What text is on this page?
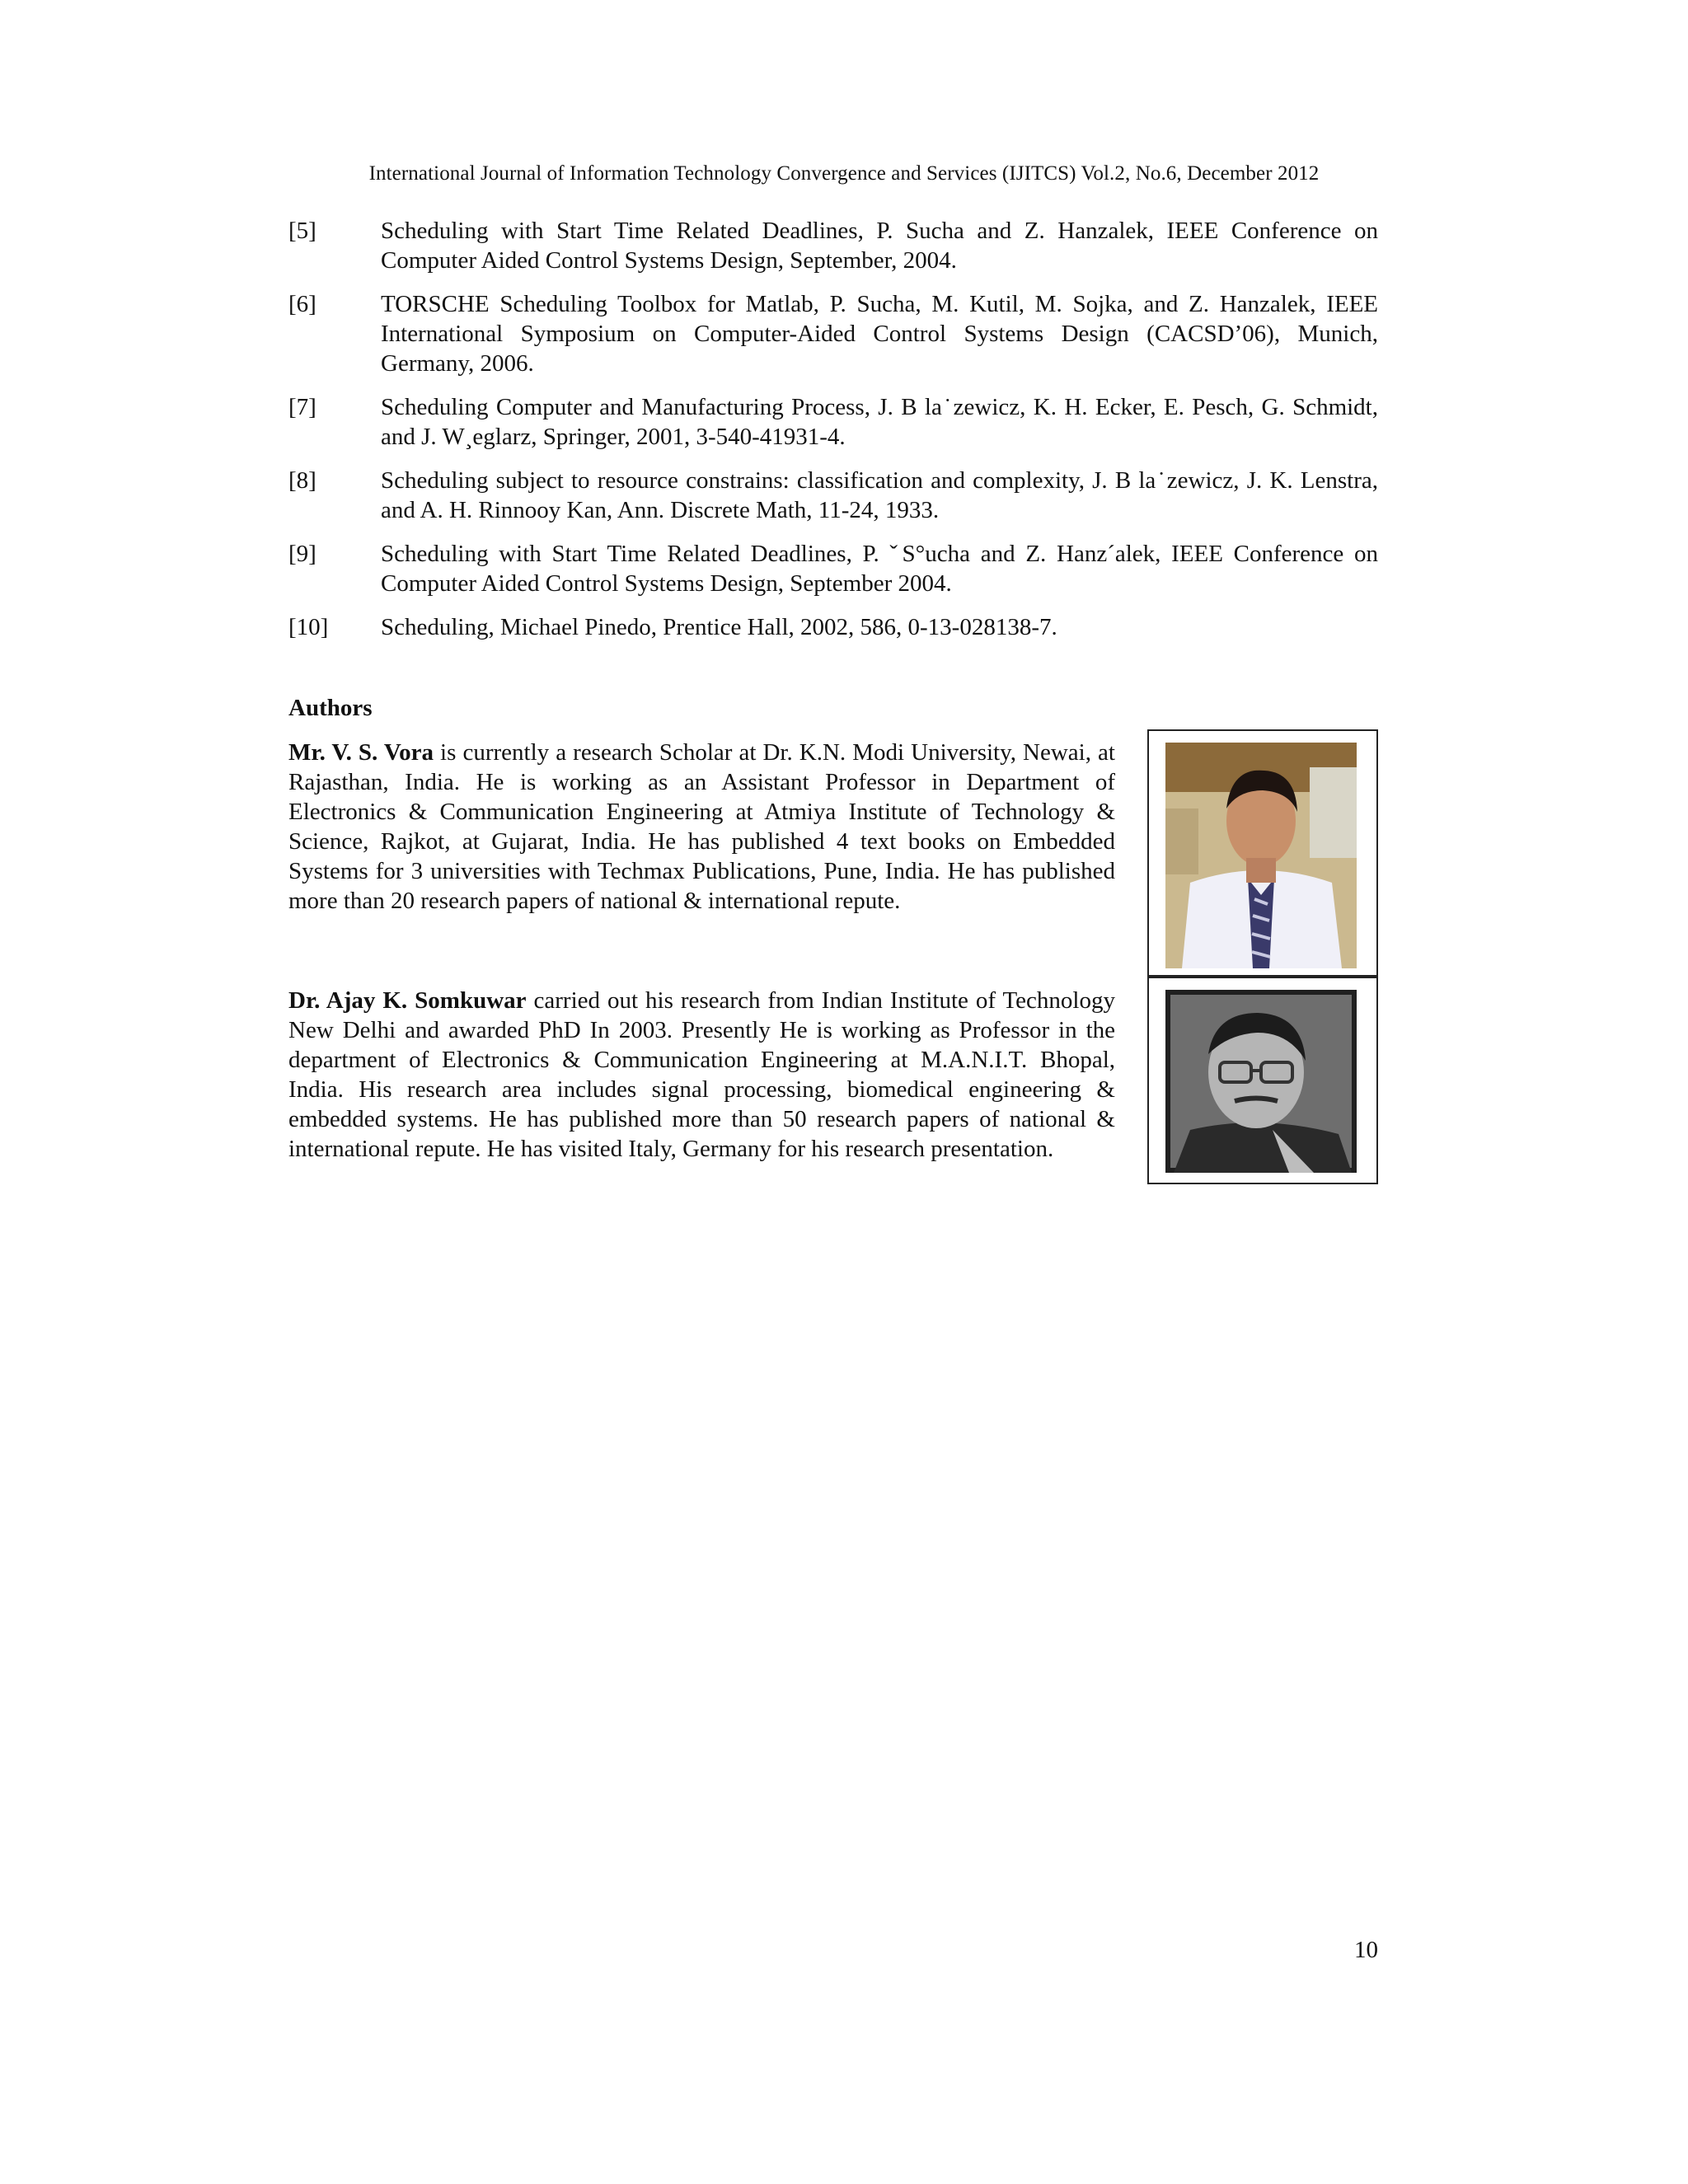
International Journal of Information Technology Convergence and Services (IJITCS) Vol.2, No.6, December 2012
[5]	Scheduling with Start Time Related Deadlines, P. Sucha and Z. Hanzalek, IEEE Conference on Computer Aided Control Systems Design, September, 2004.
[6]	TORSCHE Scheduling Toolbox for Matlab, P. Sucha, M. Kutil, M. Sojka, and Z. Hanzalek, IEEE International Symposium on Computer-Aided Control Systems Design (CACSD’06), Munich, Germany, 2006.
[7]	Scheduling Computer and Manufacturing Process, J. B la˙zewicz, K. H. Ecker, E. Pesch, G. Schmidt, and J. W¸eglarz, Springer, 2001, 3-540-41931-4.
[8]	Scheduling subject to resource constrains: classification and complexity, J. B la˙zewicz, J. K. Lenstra, and A. H. Rinnooy Kan, Ann. Discrete Math, 11-24, 1933.
[9]	Scheduling with Start Time Related Deadlines, P. ˇS°ucha and Z. Hanz´alek, IEEE Conference on Computer Aided Control Systems Design, September 2004.
[10] Scheduling, Michael Pinedo, Prentice Hall, 2002, 586, 0-13-028138-7.
Authors
Mr. V. S. Vora is currently a research Scholar at Dr. K.N. Modi University, Newai, at Rajasthan, India. He is working as an Assistant Professor in Department of Electronics & Communication Engineering at Atmiya Institute of Technology & Science, Rajkot, at Gujarat, India. He has published 4 text books on Embedded Systems for 3 universities with Techmax Publications, Pune, India. He has published more than 20 research papers of national & international repute.
Dr. Ajay K. Somkuwar carried out his research from Indian Institute of Technology New Delhi and awarded PhD In 2003. Presently He is working as Professor in the department of Electronics & Communication Engineering at M.A.N.I.T. Bhopal, India. His research area includes signal processing, biomedical engineering & embedded systems. He has published more than 50 research papers of national & international repute. He has visited Italy, Germany for his research presentation.
10
